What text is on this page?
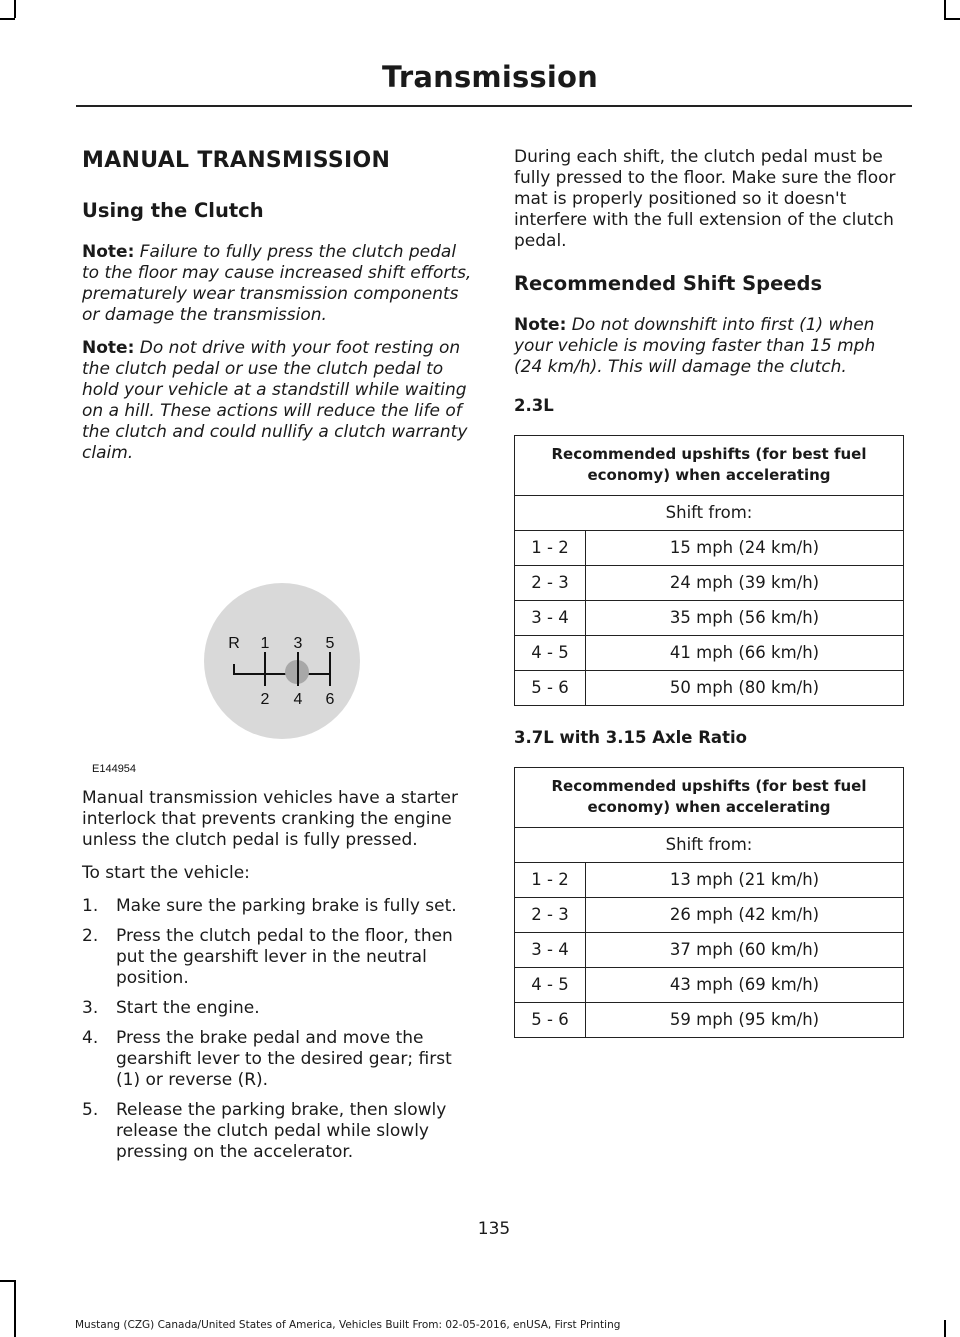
Transmission
MANUAL TRANSMISSION
Using the Clutch

Note: Failure to fully press the clutch pedal to the floor may cause increased shift efforts, prematurely wear transmission components or damage the transmission.

Note: Do not drive with your foot resting on the clutch pedal or use the clutch pedal to hold your vehicle at a standstill while waiting on a hill. These actions will reduce the life of the clutch and could nullify a clutch warranty claim.

R 1 3 5
2 4 6
E144954

Manual transmission vehicles have a starter interlock that prevents cranking the engine unless the clutch pedal is fully pressed.

To start the vehicle:

1. Make sure the parking brake is fully set.
2. Press the clutch pedal to the floor, then put the gearshift lever in the neutral position.
3. Start the engine.
4. Press the brake pedal and move the gearshift lever to the desired gear; first (1) or reverse (R).
5. Release the parking brake, then slowly release the clutch pedal while slowly pressing on the accelerator.

During each shift, the clutch pedal must be fully pressed to the floor. Make sure the floor mat is properly positioned so it doesn't interfere with the full extension of the clutch pedal.

Recommended Shift Speeds

Note: Do not downshift into first (1) when your vehicle is moving faster than 15 mph (24 km/h). This will damage the clutch.

2.3L
Recommended upshifts (for best fuel economy) when accelerating	
Shift from:	
1 - 2	15 mph (24 km/h)
2 - 3	24 mph (39 km/h)
3 - 4	35 mph (56 km/h)
4 - 5	41 mph (66 km/h)
5 - 6	50 mph (80 km/h)
3.7L with 3.15 Axle Ratio
Recommended upshifts (for best fuel economy) when accelerating	
Shift from:	
1 - 2	13 mph (21 km/h)
2 - 3	26 mph (42 km/h)
3 - 4	37 mph (60 km/h)
4 - 5	43 mph (69 km/h)
5 - 6	59 mph (95 km/h)
135
Mustang (CZG) Canada/United States of America, Vehicles Built From: 02-05-2016, enUSA, First Printing
